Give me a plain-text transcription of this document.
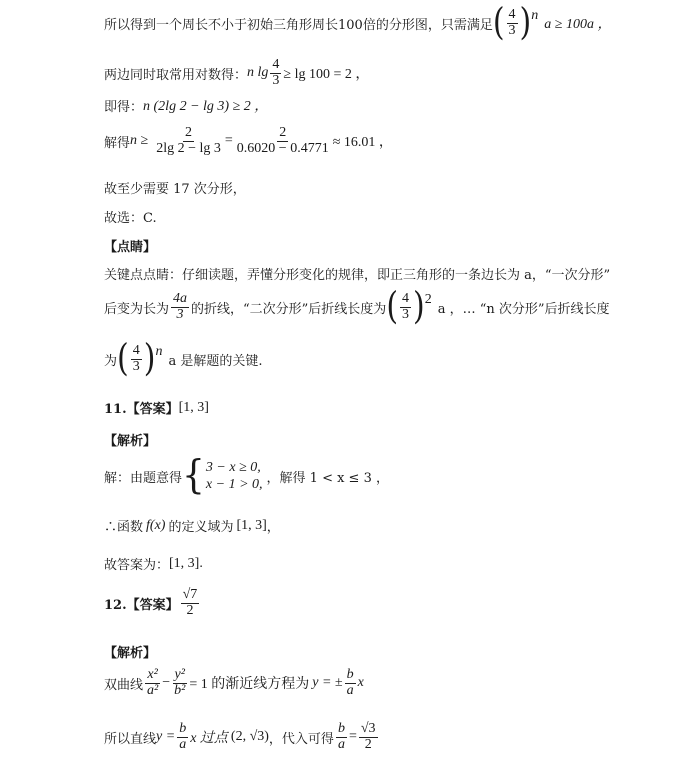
所以得到一个周长不小于初始三角形周长100倍的分形图，只需满足 ( $\frac{4}{3}$ ) n
a ≥ 100a ，
两边同时取常用对数得： n $\lg \frac{4}{3} \ge \lg 100 = 2$ ，
即得： n (2lg 2 − lg 3) ≥ 2 ，
解得 $n \ge \frac{2}{2\lg 2 - \lg 3} = \frac{2}{0.6020 - 0.4771} \approx 16.01$ ，
故至少需要 17 次分形，
故选：C.
【点睛】
关键点点睛：仔细读题，弄懂分形变化的规律，即正三角形的一条边长为 a，“一次分形”
后变为长为 $\frac{4a}{3}$ 的折线，“二次分形”后折线长度为 ( $\frac{4}{3}$ ) 2
a ，… “n 次分形”后折线长度
为 ( $\frac{4}{3}$ ) n
a 是解题的关键.
11.【答案】 [1, 3]
【解析】
解：由题意得 { 3 − x ≥ 0,
x − 1 > 0, ，解得 1 < x ≤ 3 ，
∴函数 f(x) 的定义域为 [1, 3] ，
故答案为： [1, 3].
12.【答案】 $\frac{√7}{2}$
【解析】
双曲线 $\frac{\text{x²}}{\text{a²}} - \frac{\text{y²}}{\text{b²}} = 1$ 的渐近线方程为 y = ± $\frac{b}{a}$ x
所以直线 $y = \frac{b}{a}$ x 过点 (2, √3) ，代入可得 $\frac{b}{a} = \frac{√3}{2}$
